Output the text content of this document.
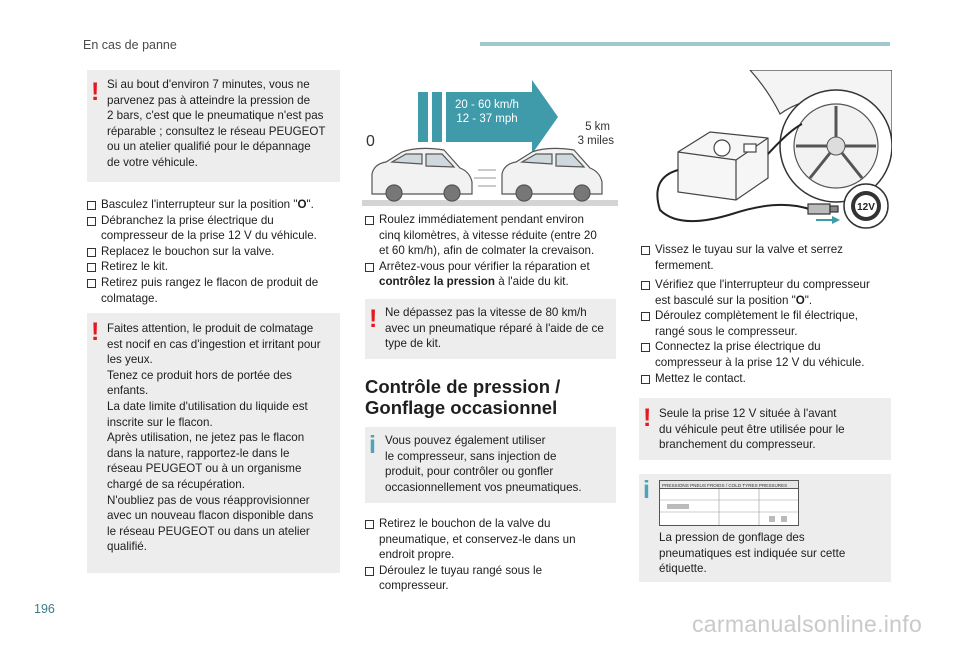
En cas de panne
! Si au bout d'environ 7 minutes, vous ne
parvenez pas à atteindre la pression de
2 bars, c'est que le pneumatique n'est pas
réparable ; consultez le réseau PEUGEOT
ou un atelier qualifié pour le dépannage
de votre véhicule.
Basculez l'interrupteur sur la position "O".
Débranchez la prise électrique du
compresseur de la prise 12 V du véhicule.
Replacez le bouchon sur la valve.
Retirez le kit.
Retirez puis rangez le flacon de produit de
colmatage.
! Faites attention, le produit de colmatage
est nocif en cas d'ingestion et irritant pour
les yeux.
Tenez ce produit hors de portée des
enfants.
La date limite d'utilisation du liquide est
inscrite sur le flacon.
Après utilisation, ne jetez pas le flacon
dans la nature, rapportez-le dans le
réseau PEUGEOT ou à un organisme
chargé de sa récupération.
N'oubliez pas de vous réapprovisionner
avec un nouveau flacon disponible dans
le réseau PEUGEOT ou dans un atelier
qualifié.
20 - 60 km/h
12 - 37 mph
0
5 km
3 miles
Roulez immédiatement pendant environ
cinq kilomètres, à vitesse réduite (entre 20
et 60 km/h), afin de colmater la crevaison.
Arrêtez-vous pour vérifier la réparation et
contrôlez la pression à l'aide du kit.
! Ne dépassez pas la vitesse de 80 km/h
avec un pneumatique réparé à l'aide de ce
type de kit.
Contrôle de pression /
Gonflage occasionnel
i Vous pouvez également utiliser
le compresseur, sans injection de
produit, pour contrôler ou gonfler
occasionnellement vos pneumatiques.
Retirez le bouchon de la valve du
pneumatique, et conservez-le dans un
endroit propre.
Déroulez le tuyau rangé sous le
compresseur.
12V
Vissez le tuyau sur la valve et serrez
fermement.
Vérifiez que l'interrupteur du compresseur
est basculé sur la position "O".
Déroulez complètement le fil électrique,
rangé sous le compresseur.
Connectez la prise électrique du
compresseur à la prise 12 V du véhicule.
Mettez le contact.
! Seule la prise 12 V située à l'avant
du véhicule peut être utilisée pour le
branchement du compresseur.
i	PRESSIONS PNEUS FROIDS / COLD TYRES PRESSURES
La pression de gonflage des
pneumatiques est indiquée sur cette
étiquette.
196
carmanualsonline.info
